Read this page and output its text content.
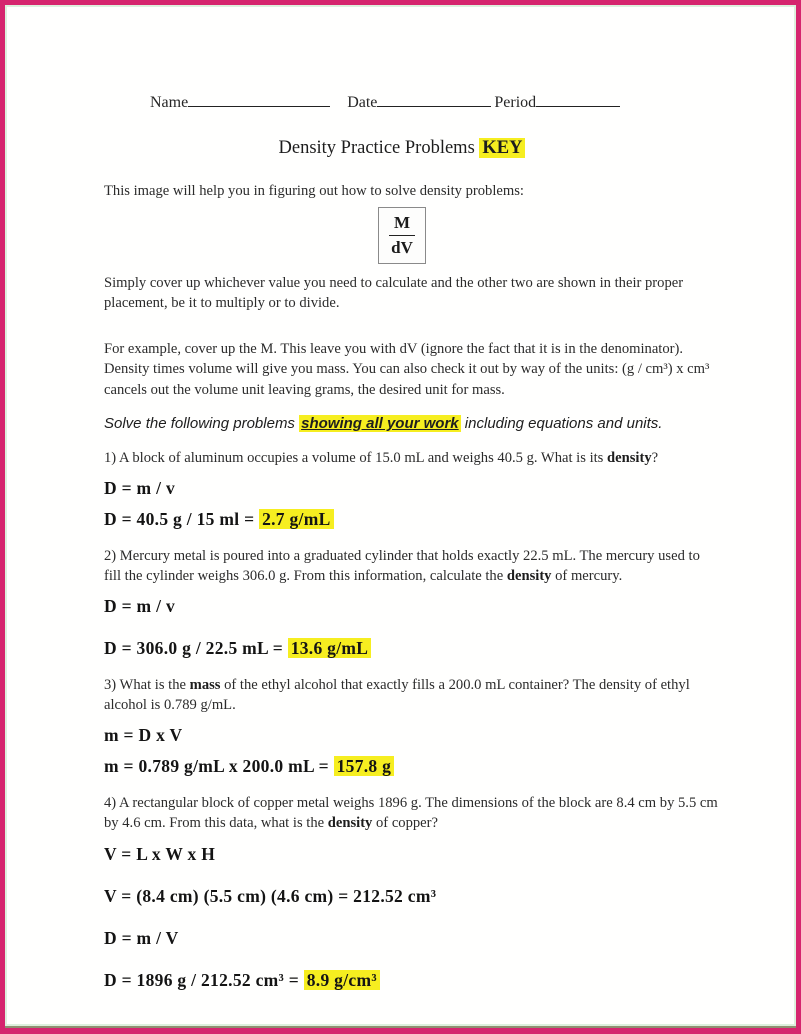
Name	Date	Period
Density Practice Problems KEY

This image will help you in figuring out how to solve density problems:

$\frac{M}{dV}$

Simply cover up whichever value you need to calculate and the other two are shown in their proper placement, be it to multiply or to divide.

For example, cover up the M. This leave you with dV (ignore the fact that it is in the denominator). Density times volume will give you mass. You can also check it out by way of the units: (g / cm³) x cm³ cancels out the volume unit leaving grams, the desired unit for mass.

Solve the following problems showing all your work including equations and units.

1) A block of aluminum occupies a volume of 15.0 mL and weighs 40.5 g. What is its density?

D = m / v
D = 40.5 g / 15 ml = 2.7 g/mL

2) Mercury metal is poured into a graduated cylinder that holds exactly 22.5 mL. The mercury used to fill the cylinder weighs 306.0 g. From this information, calculate the density of mercury.

D = m / v
D = 306.0 g / 22.5 mL = 13.6 g/mL

3) What is the mass of the ethyl alcohol that exactly fills a 200.0 mL container? The density of ethyl alcohol is 0.789 g/mL.

m = D x V
m = 0.789 g/mL x 200.0 mL = 157.8 g

4) A rectangular block of copper metal weighs 1896 g. The dimensions of the block are 8.4 cm by 5.5 cm by 4.6 cm. From this data, what is the density of copper?

V = L x W x H
V = (8.4 cm) (5.5 cm) (4.6 cm) = 212.52 cm³
D = m / V
D = 1896 g / 212.52 cm³ = 8.9 g/cm³
